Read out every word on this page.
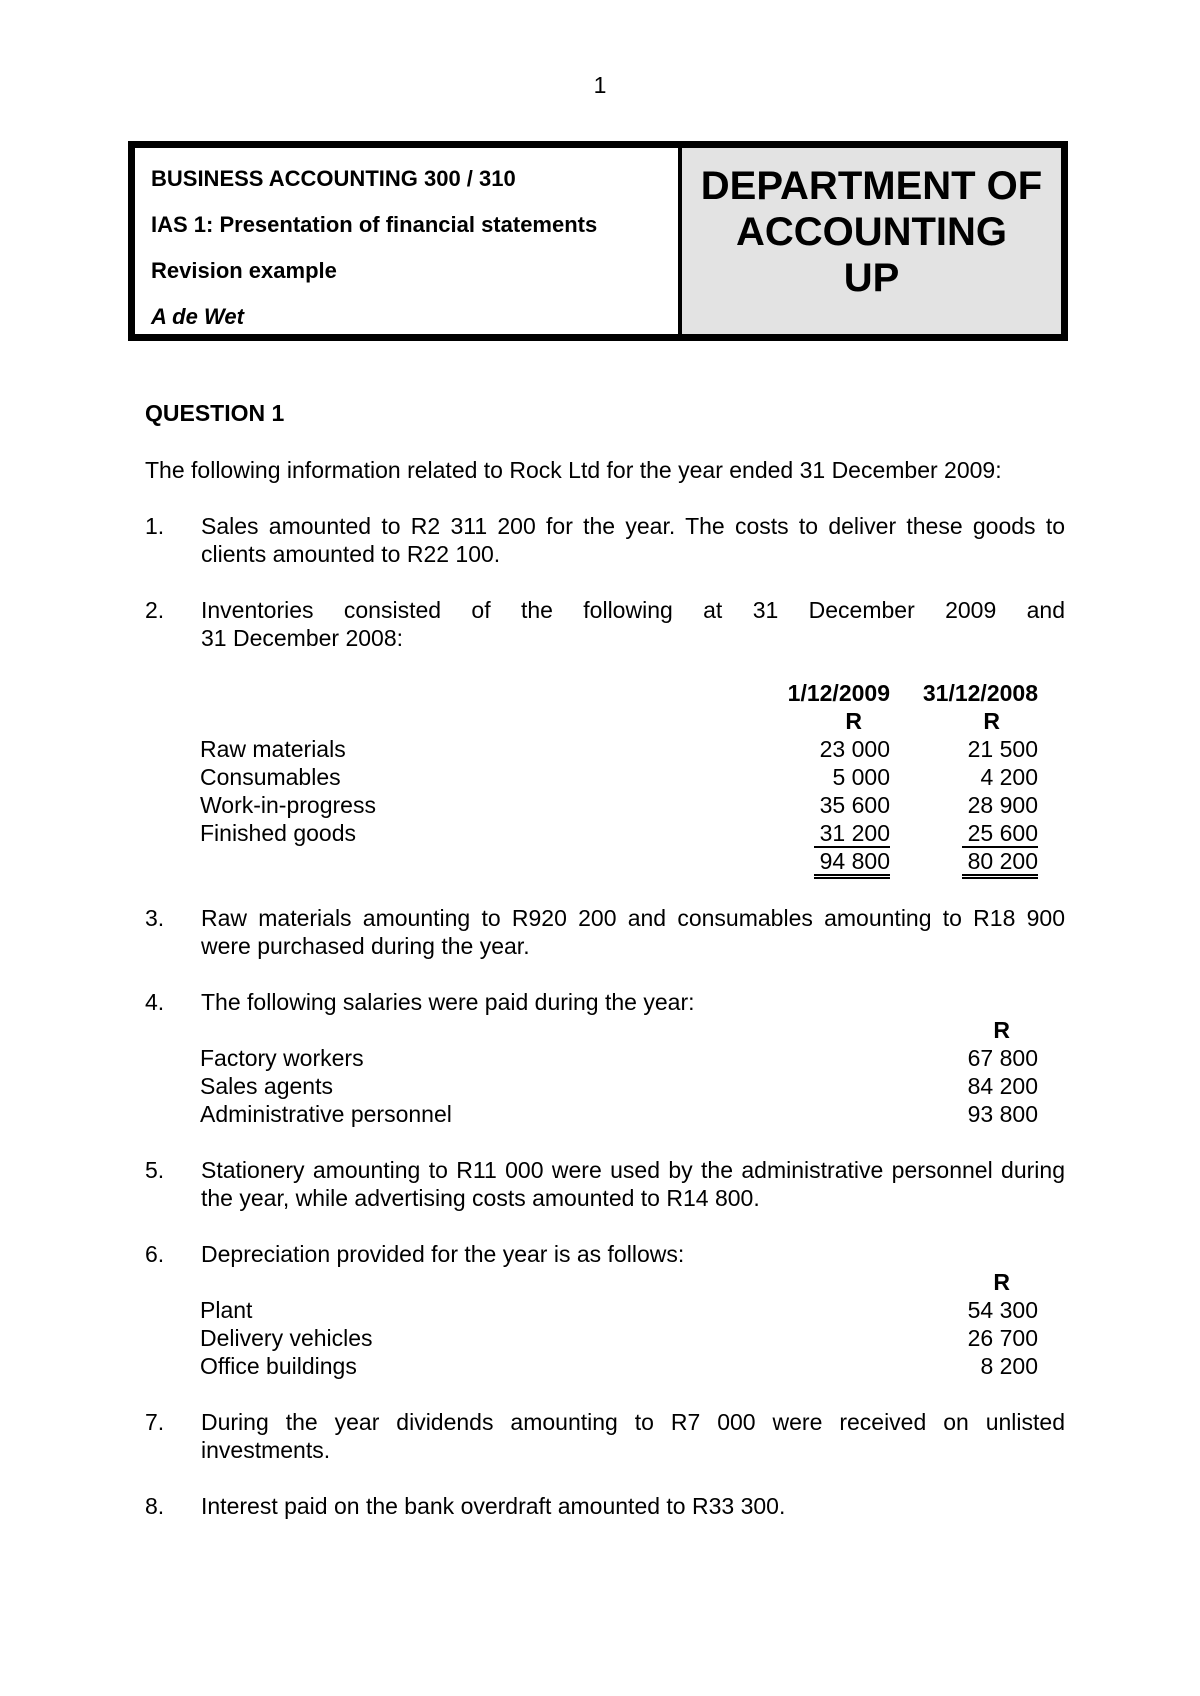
1
BUSINESS ACCOUNTING 300 / 310
IAS 1: Presentation of financial statements
Revision example
A de Wet
DEPARTMENT OF
ACCOUNTING
UP
QUESTION 1
The following information related to Rock Ltd for the year ended 31 December 2009:
1. Sales amounted to R2 311 200 for the year. The costs to deliver these goods to clients amounted to R22 100.
2. Inventories consisted of the following at 31 December 2009 and
31 December 2008:
1/12/2009	31/12/2008
R	R
Raw materials	23 000	21 500
Consumables	5 000	4 200
Work-in-progress	35 600	28 900
Finished goods	31 200	25 600
94 800	80 200
3. Raw materials amounting to R920 200 and consumables amounting to R18 900 were purchased during the year.
4. The following salaries were paid during the year:
R
Factory workers	67 800
Sales agents	84 200
Administrative personnel	93 800
5. Stationery amounting to R11 000 were used by the administrative personnel during the year, while advertising costs amounted to R14 800.
6. Depreciation provided for the year is as follows:
R
Plant	54 300
Delivery vehicles	26 700
Office buildings	8 200
7. During the year dividends amounting to R7 000 were received on unlisted investments.
8. Interest paid on the bank overdraft amounted to R33 300.
